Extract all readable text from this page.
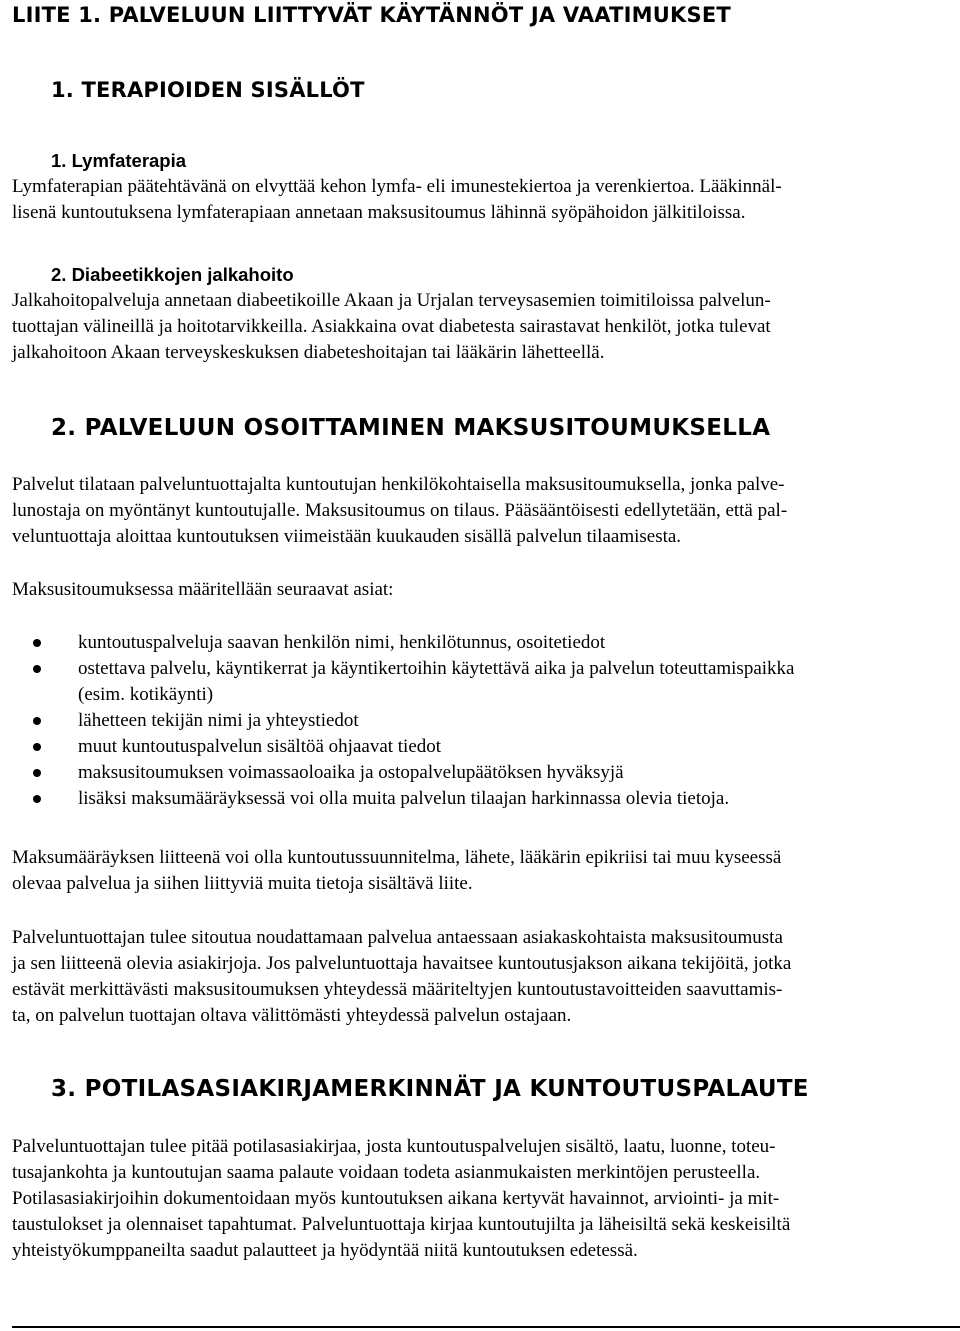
LIITE 1. PALVELUUN LIITTYVÄT KÄYTÄNNÖT JA VAATIMUKSET
1. TERAPIOIDEN SISÄLLÖT
1. Lymfaterapia
Lymfaterapian päätehtävänä on elvyttää kehon lymfa- eli imunestekiertoa ja verenkiertoa. Lääkinnäl-
lisenä kuntoutuksena lymfaterapiaan annetaan maksusitoumus lähinnä syöpähoidon jälkitiloissa.
2. Diabeetikkojen jalkahoito
Jalkahoitopalveluja annetaan diabeetikoille Akaan ja Urjalan terveysasemien toimitiloissa palvelun-
tuottajan välineillä ja hoitotarvikkeilla. Asiakkaina ovat diabetesta sairastavat henkilöt, jotka tulevat
jalkahoitoon Akaan terveyskeskuksen diabeteshoitajan tai lääkärin lähetteellä.
2. PALVELUUN OSOITTAMINEN MAKSUSITOUMUKSELLA
Palvelut tilataan palveluntuottajalta kuntoutujan henkilökohtaisella maksusitoumuksella, jonka palve-
lunostaja on myöntänyt kuntoutujalle. Maksusitoumus on tilaus. Pääsääntöisesti edellytetään, että pal-
veluntuottaja aloittaa kuntoutuksen viimeistään kuukauden sisällä palvelun tilaamisesta.
Maksusitoumuksessa määritellään seuraavat asiat:
kuntoutuspalveluja saavan henkilön nimi, henkilötunnus, osoitetiedot
ostettava palvelu, käyntikerrat ja käyntikertoihin käytettävä aika ja palvelun toteuttamispaikka
(esim. kotikäynti)
lähetteen tekijän nimi ja yhteystiedot
muut kuntoutuspalvelun sisältöä ohjaavat tiedot
maksusitoumuksen voimassaoloaika ja ostopalvelupäätöksen hyväksyjä
lisäksi maksumääräyksessä voi olla muita palvelun tilaajan harkinnassa olevia tietoja.
Maksumääräyksen liitteenä voi olla kuntoutussuunnitelma, lähete, lääkärin epikriisi tai muu kyseessä
olevaa palvelua ja siihen liittyviä muita tietoja sisältävä liite.
Palveluntuottajan tulee sitoutua noudattamaan palvelua antaessaan asiakaskohtaista maksusitoumusta
ja sen liitteenä olevia asiakirjoja. Jos palveluntuottaja havaitsee kuntoutusjakson aikana tekijöitä, jotka
estävät merkittävästi maksusitoumuksen yhteydessä määriteltyjen kuntoutustavoitteiden saavuttamis-
ta, on palvelun tuottajan oltava välittömästi yhteydessä palvelun ostajaan.
3. POTILASASIAKIRJAMERKINNÄT JA KUNTOUTUSPALAUTE
Palveluntuottajan tulee pitää potilasasiakirjaa, josta kuntoutuspalvelujen sisältö, laatu, luonne, toteu-
tusajankohta ja kuntoutujan saama palaute voidaan todeta asianmukaisten merkintöjen perusteella.
Potilasasiakirjoihin dokumentoidaan myös kuntoutuksen aikana kertyvät havainnot, arviointi- ja mit-
taustulokset ja olennaiset tapahtumat. Palveluntuottaja kirjaa kuntoutujilta ja läheisiltä sekä keskeisiltä
yhteistyökumppaneilta saadut palautteet ja hyödyntää niitä kuntoutuksen edetessä.
